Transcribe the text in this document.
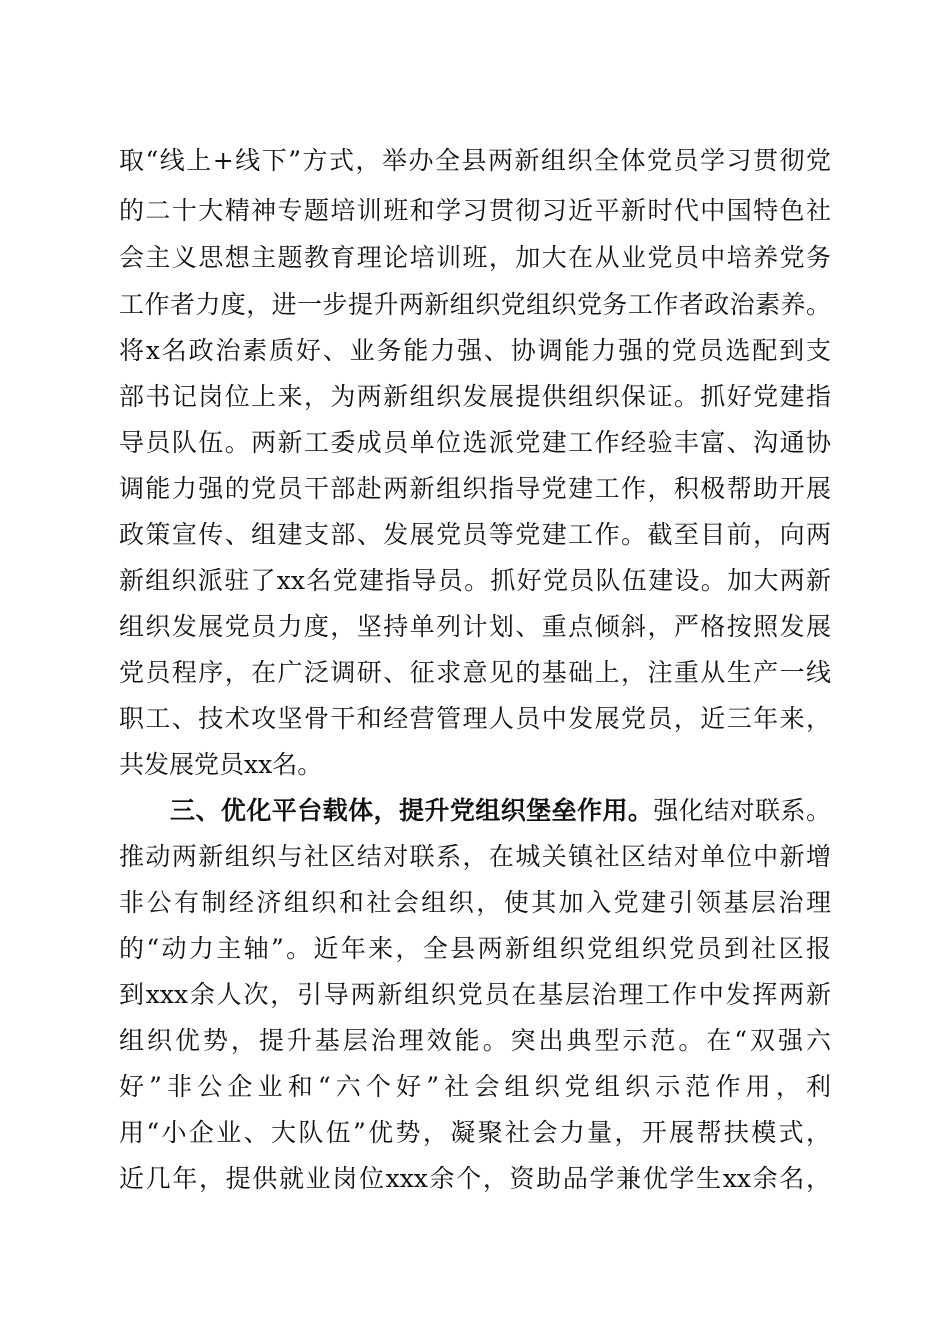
取“线上+线下”方式，举办全县两新组织全体党员学习贯彻党
的二十大精神专题培训班和学习贯彻习近平新时代中国特色社
会主义思想主题教育理论培训班，加大在从业党员中培养党务
工作者力度，进一步提升两新组织党组织党务工作者政治素养。
将x名政治素质好、业务能力强、协调能力强的党员选配到支
部书记岗位上来，为两新组织发展提供组织保证。抓好党建指
导员队伍。两新工委成员单位选派党建工作经验丰富、沟通协
调能力强的党员干部赴两新组织指导党建工作，积极帮助开展
政策宣传、组建支部、发展党员等党建工作。截至目前，向两
新组织派驻了xx名党建指导员。抓好党员队伍建设。加大两新
组织发展党员力度，坚持单列计划、重点倾斜，严格按照发展
党员程序，在广泛调研、征求意见的基础上，注重从生产一线
职工、技术攻坚骨干和经营管理人员中发展党员，近三年来，
共发展党员xx名。
三、优化平台载体，提升党组织堡垒作用。强化结对联系。
推动两新组织与社区结对联系，在城关镇社区结对单位中新增
非公有制经济组织和社会组织，使其加入党建引领基层治理
的“动力主轴”。近年来，全县两新组织党组织党员到社区报
到xxx余人次，引导两新组织党员在基层治理工作中发挥两新
组织优势，提升基层治理效能。突出典型示范。在“双强六
好”非公企业和“六个好”社会组织党组织示范作用，利
用“小企业、大队伍”优势，凝聚社会力量，开展帮扶模式，
近几年，提供就业岗位xxx余个，资助品学兼优学生xx余名，
